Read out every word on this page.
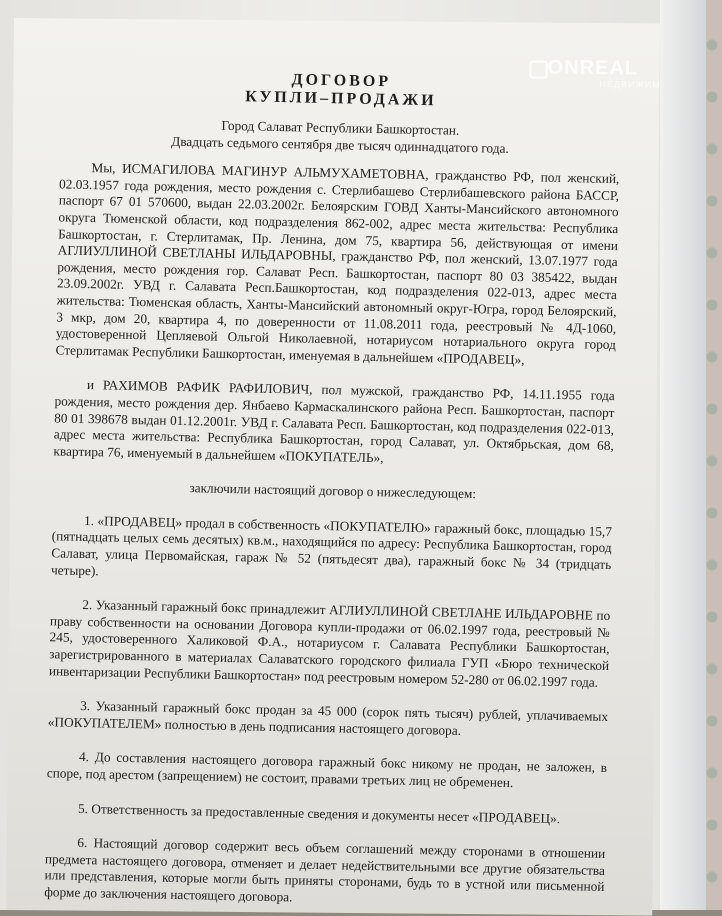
ONREAL
НЕДВИЖИМ
ДОГОВОР
КУПЛИ–ПРОДАЖИ
Город Салават Республики Башкортостан.
Двадцать седьмого сентября две тысяч одиннадцатого года.

Мы, ИСМАГИЛОВА МАГИНУР АЛЬМУХАМЕТОВНА, гражданство РФ, пол женский, 02.03.1957 года рождения, место рождения с. Стерлибашево Стерлибашевского района БАССР, паспорт 67 01 570600, выдан 22.03.2002г. Белоярским ГОВД Ханты-Мансийского автономного округа Тюменской области, код подразделения 862-002, адрес места жительства: Республика Башкортостан, г. Стерлитамак, Пр. Ленина, дом 75, квартира 56, действующая от имени АГЛИУЛЛИНОЙ СВЕТЛАНЫ ИЛЬДАРОВНЫ, гражданство РФ, пол женский, 13.07.1977 года рождения, место рождения гор. Салават Респ. Башкортостан, паспорт 80 03 385422, выдан 23.09.2002г. УВД г. Салавата Респ.Башкортостан, код подразделения 022-013, адрес места жительства: Тюменская область, Ханты-Мансийский автономный округ-Югра, город Белоярский, 3 мкр, дом 20, квартира 4, по доверенности от 11.08.2011 года, реестровый № 4Д-1060, удостоверенной Цепляевой Ольгой Николаевной, нотариусом нотариального округа город Стерлитамак Республики Башкортостан, именуемая в дальнейшем «ПРОДАВЕЦ»,

и РАХИМОВ РАФИК РАФИЛОВИЧ, пол мужской, гражданство РФ, 14.11.1955 года рождения, место рождения дер. Янбаево Кармаскалинского района Респ. Башкортостан, паспорт 80 01 398678 выдан 01.12.2001г. УВД г. Салавата Респ. Башкортостан, код подразделения 022-013, адрес места жительства: Республика Башкортостан, город Салават, ул. Октябрьская, дом 68, квартира 76, именуемый в дальнейшем «ПОКУПАТЕЛЬ»,

заключили настоящий договор о нижеследующем:

1. «ПРОДАВЕЦ» продал в собственность «ПОКУПАТЕЛЮ» гаражный бокс, площадью 15,7 (пятнадцать целых семь десятых) кв.м., находящийся по адресу: Республика Башкортостан, город Салават, улица Первомайская, гараж № 52 (пятьдесят два), гаражный бокс № 34 (тридцать четыре).

2. Указанный гаражный бокс принадлежит АГЛИУЛЛИНОЙ СВЕТЛАНЕ ИЛЬДАРОВНЕ по праву собственности на основании Договора купли-продажи от 06.02.1997 года, реестровый № 245, удостоверенного Халиковой Ф.А., нотариусом г. Салавата Республики Башкортостан, зарегистрированного в материалах Салаватского городского филиала ГУП «Бюро технической инвентаризации Республики Башкортостан» под реестровым номером 52-280 от 06.02.1997 года.

3. Указанный гаражный бокс продан за 45 000 (сорок пять тысяч) рублей, уплачиваемых «ПОКУПАТЕЛЕМ» полностью в день подписания настоящего договора.

4. До составления настоящего договора гаражный бокс никому не продан, не заложен, в споре, под арестом (запрещением) не состоит, правами третьих лиц не обременен.

5. Ответственность за предоставленные сведения и документы несет «ПРОДАВЕЦ».

6. Настоящий договор содержит весь объем соглашений между сторонами в отношении предмета настоящего договора, отменяет и делает недействительными все другие обязательства или представления, которые могли быть приняты сторонами, будь то в устной или письменной форме до заключения настоящего договора.
